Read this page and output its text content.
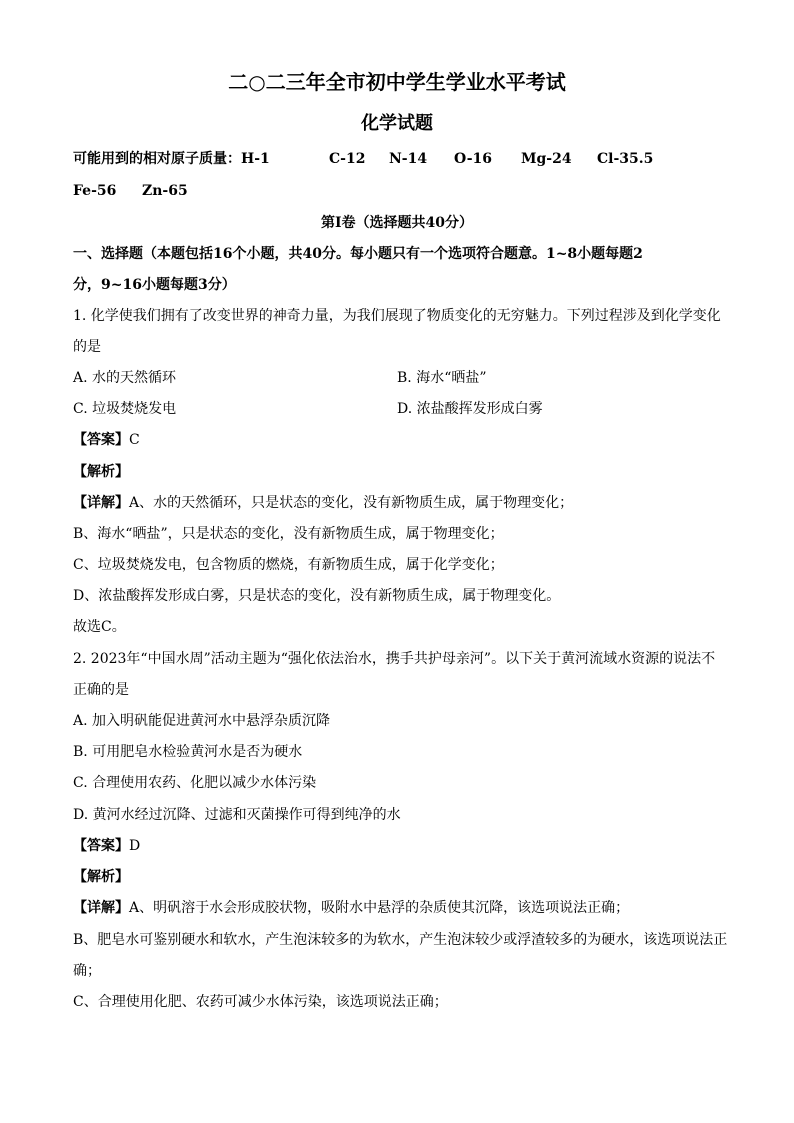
二○二三年全市初中学生学业水平考试
化学试题
可能用到的相对原子质量：H-1	C-12 N-14 O-16 Mg-24 Cl-35.5
Fe-56 Zn-65
第Ⅰ卷（选择题共40分）
一、选择题（本题包括16个小题，共40分。每小题只有一个选项符合题意。1~8小题每题2
分，9~16小题每题3分）
1. 化学使我们拥有了改变世界的神奇力量，为我们展现了物质变化的无穷魅力。下列过程涉及到化学变化
的是
A. 水的天然循环	B. 海水“晒盐”
C. 垃圾焚烧发电	D. 浓盐酸挥发形成白雾
【答案】C
【解析】
【详解】A、水的天然循环，只是状态的变化，没有新物质生成，属于物理变化；
B、海水“晒盐”，只是状态的变化，没有新物质生成，属于物理变化；
C、垃圾焚烧发电，包含物质的燃烧，有新物质生成，属于化学变化；
D、浓盐酸挥发形成白雾，只是状态的变化，没有新物质生成，属于物理变化。
故选C。
2. 2023年“中国水周”活动主题为“强化依法治水，携手共护母亲河”。以下关于黄河流域水资源的说法不
正确的是
A. 加入明矾能促进黄河水中悬浮杂质沉降
B. 可用肥皂水检验黄河水是否为硬水
C. 合理使用农药、化肥以减少水体污染
D. 黄河水经过沉降、过滤和灭菌操作可得到纯净的水
【答案】D
【解析】
【详解】A、明矾溶于水会形成胶状物，吸附水中悬浮的杂质使其沉降，该选项说法正确；
B、肥皂水可鉴别硬水和软水，产生泡沫较多的为软水，产生泡沫较少或浮渣较多的为硬水，该选项说法正
确；
C、合理使用化肥、农药可减少水体污染，该选项说法正确；
